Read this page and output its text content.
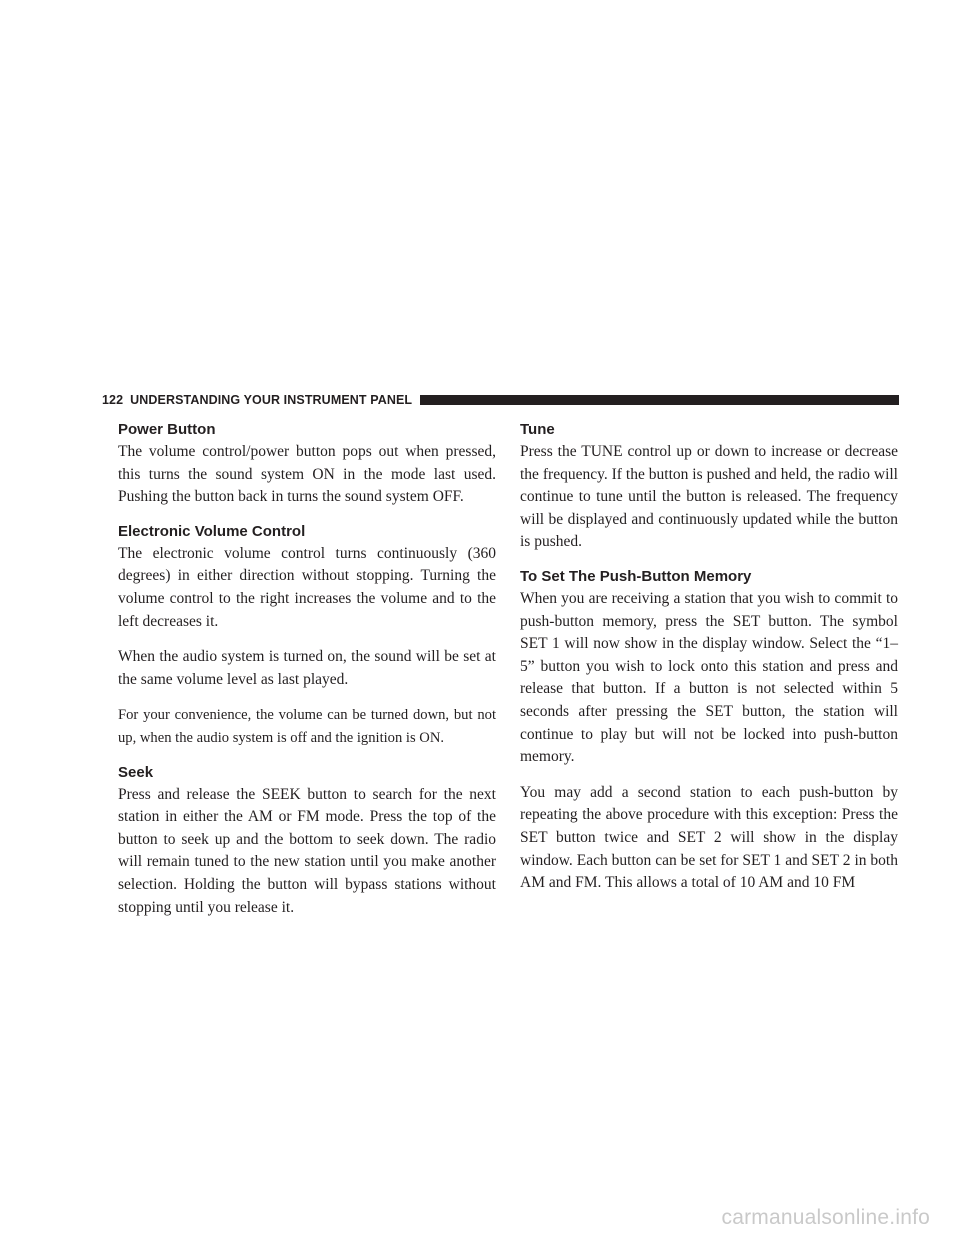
122 UNDERSTANDING YOUR INSTRUMENT PANEL
Power Button

The volume control/power button pops out when pressed, this turns the sound system ON in the mode last used. Pushing the button back in turns the sound system OFF.

Electronic Volume Control

The electronic volume control turns continuously (360 degrees) in either direction without stopping. Turning the volume control to the right increases the volume and to the left decreases it.

When the audio system is turned on, the sound will be set at the same volume level as last played.

For your convenience, the volume can be turned down, but not up, when the audio system is off and the ignition is ON.

Seek

Press and release the SEEK button to search for the next station in either the AM or FM mode. Press the top of the button to seek up and the bottom to seek down. The radio will remain tuned to the new station until you make another selection. Holding the button will bypass stations without stopping until you release it.

Tune

Press the TUNE control up or down to increase or decrease the frequency. If the button is pushed and held, the radio will continue to tune until the button is released. The frequency will be displayed and continuously updated while the button is pushed.

To Set The Push-Button Memory

When you are receiving a station that you wish to commit to push-button memory, press the SET button. The symbol SET 1 will now show in the display window. Select the “1–5” button you wish to lock onto this station and press and release that button. If a button is not selected within 5 seconds after pressing the SET button, the station will continue to play but will not be locked into push-button memory.

You may add a second station to each push-button by repeating the above procedure with this exception: Press the SET button twice and SET 2 will show in the display window. Each button can be set for SET 1 and SET 2 in both AM and FM. This allows a total of 10 AM and 10 FM

carmanualsonline.info
